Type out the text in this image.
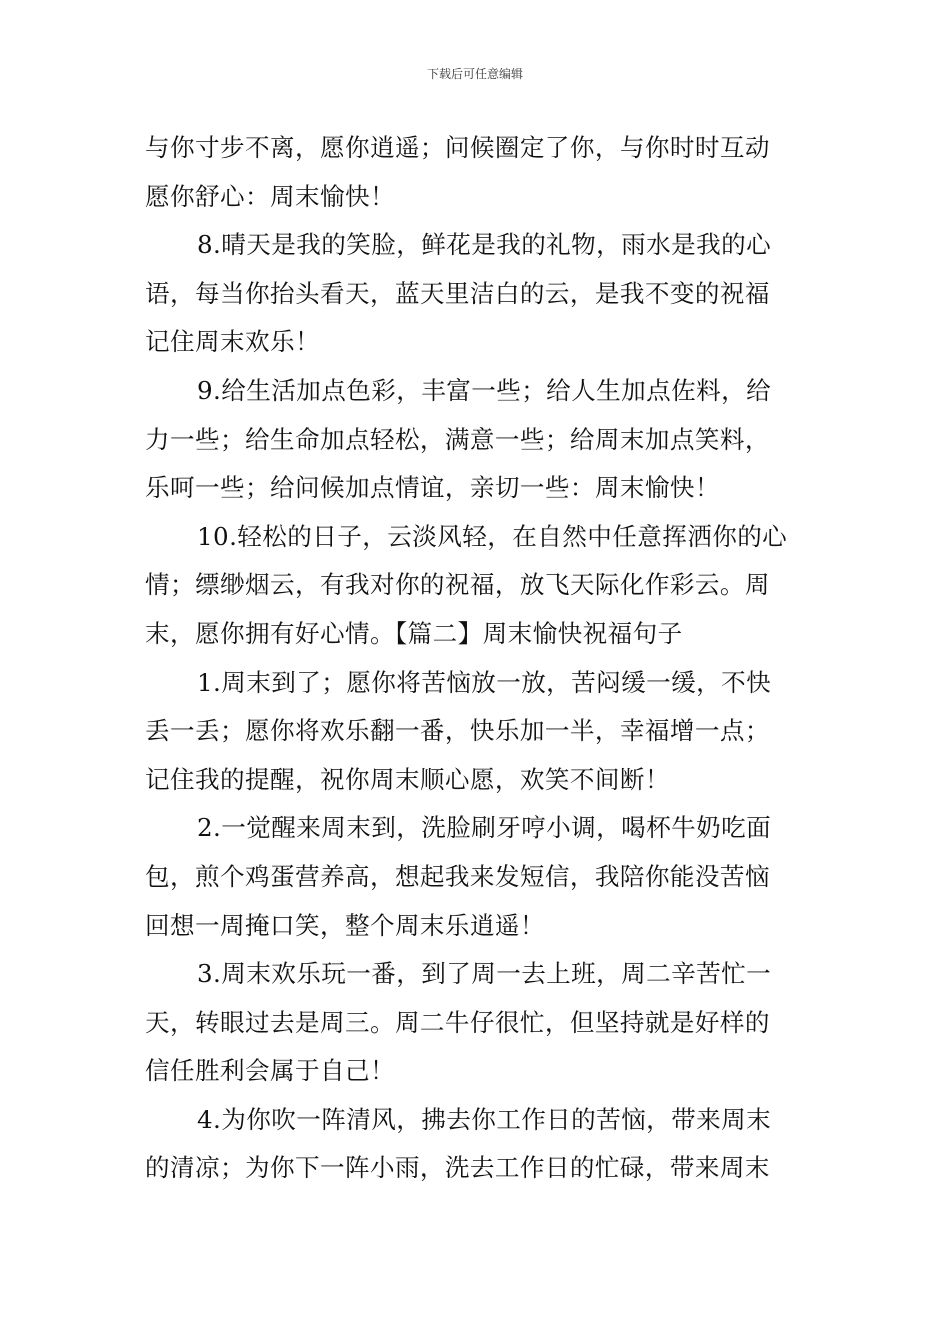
下载后可任意编辑
与你寸步不离，愿你逍遥；问候圈定了你，与你时时互动
愿你舒心：周末愉快！
8.晴天是我的笑脸，鲜花是我的礼物，雨水是我的心
语，每当你抬头看天，蓝天里洁白的云，是我不变的祝福
记住周末欢乐！
9.给生活加点色彩，丰富一些；给人生加点佐料，给
力一些；给生命加点轻松，满意一些；给周末加点笑料，
乐呵一些；给问候加点情谊，亲切一些：周末愉快！
10.轻松的日子，云淡风轻，在自然中任意挥洒你的心
情；缥缈烟云，有我对你的祝福，放飞天际化作彩云。周
末，愿你拥有好心情。【篇二】周末愉快祝福句子
1.周末到了；愿你将苦恼放一放，苦闷缓一缓，不快
丢一丢；愿你将欢乐翻一番，快乐加一半，幸福增一点；
记住我的提醒，祝你周末顺心愿，欢笑不间断！
2.一觉醒来周末到，洗脸刷牙哼小调，喝杯牛奶吃面
包，煎个鸡蛋营养高，想起我来发短信，我陪你能没苦恼
回想一周掩口笑，整个周末乐逍遥！
3.周末欢乐玩一番，到了周一去上班，周二辛苦忙一
天，转眼过去是周三。周二牛仔很忙，但坚持就是好样的
信任胜利会属于自己！
4.为你吹一阵清风，拂去你工作日的苦恼，带来周末
的清凉；为你下一阵小雨，洗去工作日的忙碌，带来周末
